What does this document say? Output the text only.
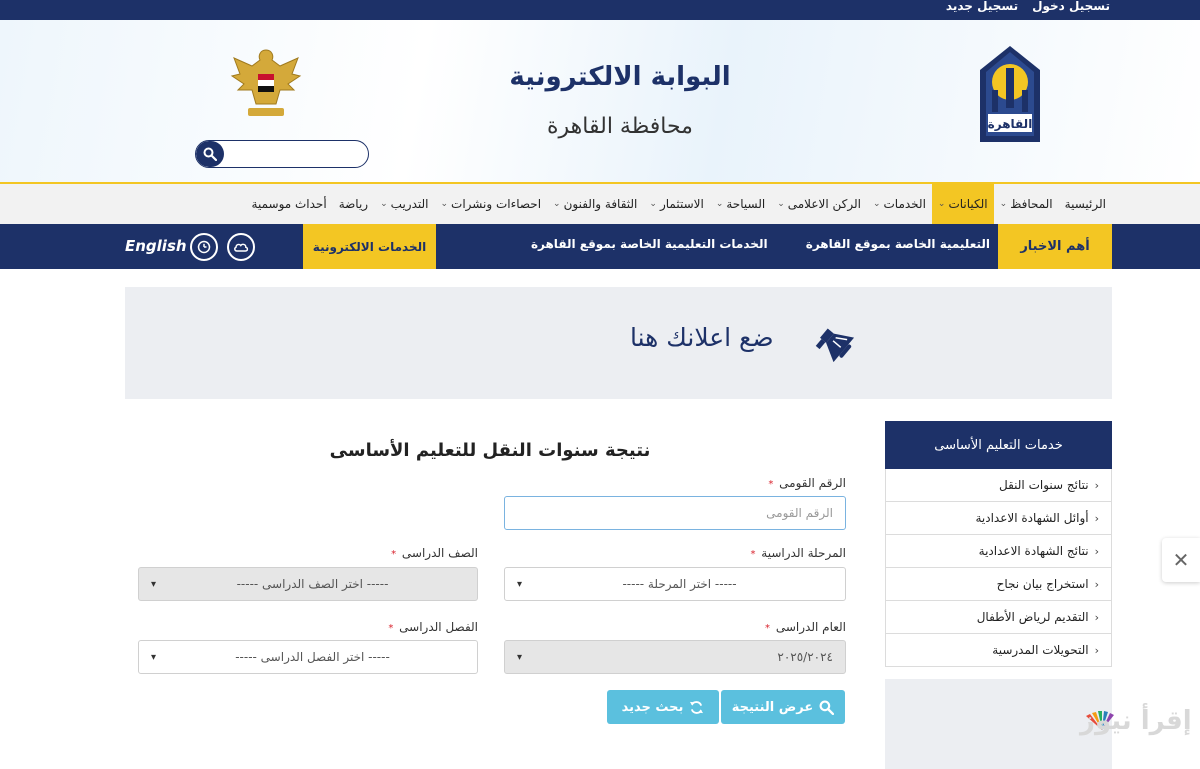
تسجيل دخول
تسجيل جديد
القاهرة
البوابة الالكترونية
محافظة القاهرة
الرئيسية
المحافظ
⌄
الكيانات
⌄
الخدمات
⌄
الركن الاعلامى
⌄
السياحة
⌄
الاستثمار
⌄
الثقافة والفنون
⌄
احصاءات ونشرات
⌄
التدريب
⌄
رياضة
أحداث موسمية
أهم الاخبار
التعليمية الخاصة بموقع القاهرة الخدمات التعليمية الخاصة بموقع القاهرة
الخدمات الالكترونية
English
ضع اعلانك هنا
خدمات التعليم الأساسى
‹
نتائج سنوات النقل
‹
أوائل الشهادة الاعدادية
‹
نتائج الشهادة الاعدادية
‹
استخراج بيان نجاح
‹
التقديم لرياض الأطفال
‹
التحويلات المدرسية
نتيجة سنوات النقل للتعليم الأساسى
الرقم القومى *
الرقم القومى
المرحلة الدراسية *
----- اختر المرحلة -----
▾
الصف الدراسى *
----- اختر الصف الدراسى -----
▾
العام الدراسى *
٢٠٢٥/٢٠٢٤
▾
الفصل الدراسى *
----- اختر الفصل الدراسى -----
▾
عرض النتيجة
بحث جديد
✕
إقرأ نيوز
